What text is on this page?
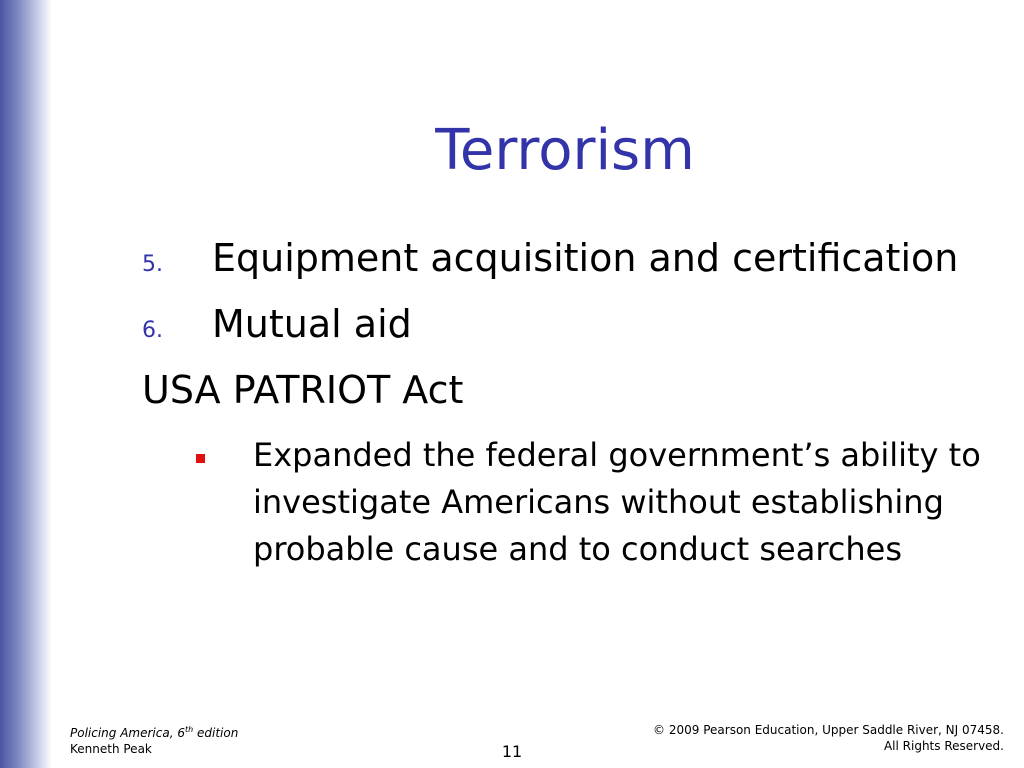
Terrorism
5.	Equipment acquisition and certification
6.	Mutual aid
USA PATRIOT Act
Expanded the federal government’s ability to investigate Americans without establishing probable cause and to conduct searches
Policing America, 6th edition
Kenneth Peak	11
© 2009 Pearson Education, Upper Saddle River, NJ 07458.
All Rights Reserved.
